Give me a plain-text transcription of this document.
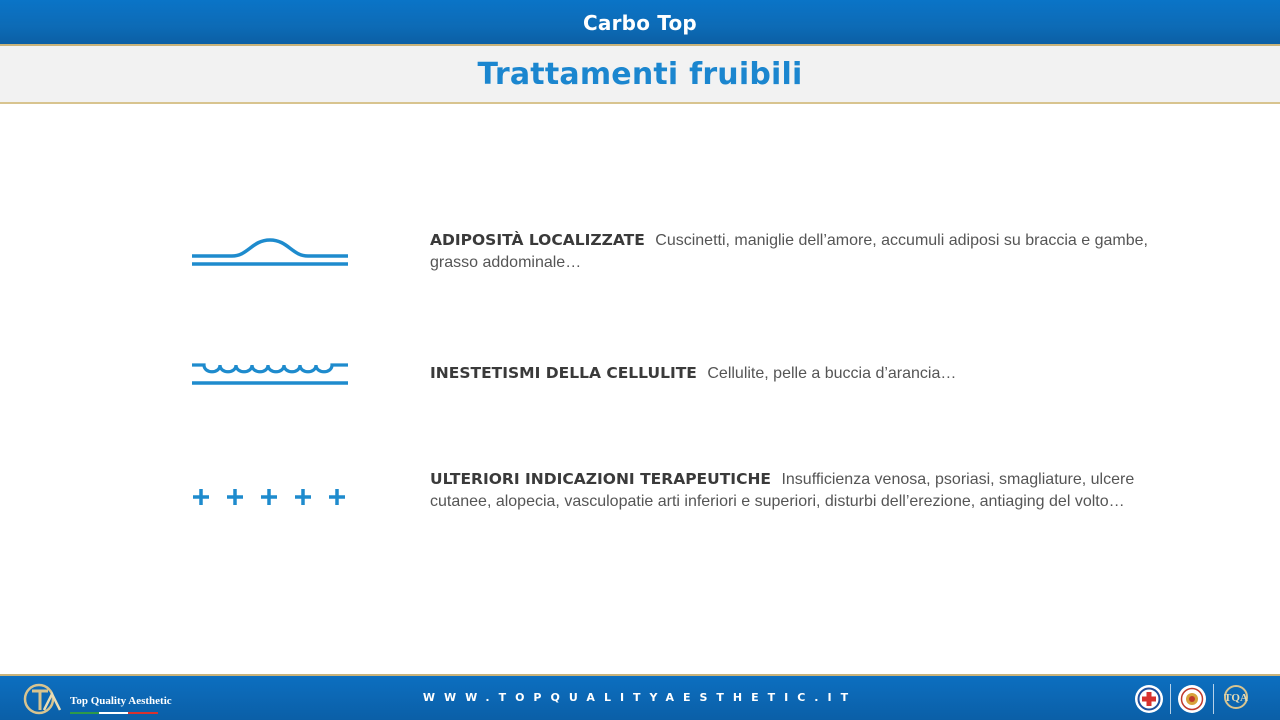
Carbo Top
Trattamenti fruibili
ADIPOSITÀ LOCALIZZATE Cuscinetti, maniglie dell’amore, accumuli adiposi su braccia e gambe, grasso addominale…
INESTETISMI DELLA CELLULITE Cellulite, pelle a buccia d’arancia…
ULTERIORI INDICAZIONI TERAPEUTICHE Insufficienza venosa, psoriasi, smagliature, ulcere cutanee, alopecia, vasculopatie arti inferiori e superiori, disturbi dell’erezione, antiaging del volto…
Top Quality Aesthetic	WWW.TOPQUALITYAESTHETIC.IT	TQA
